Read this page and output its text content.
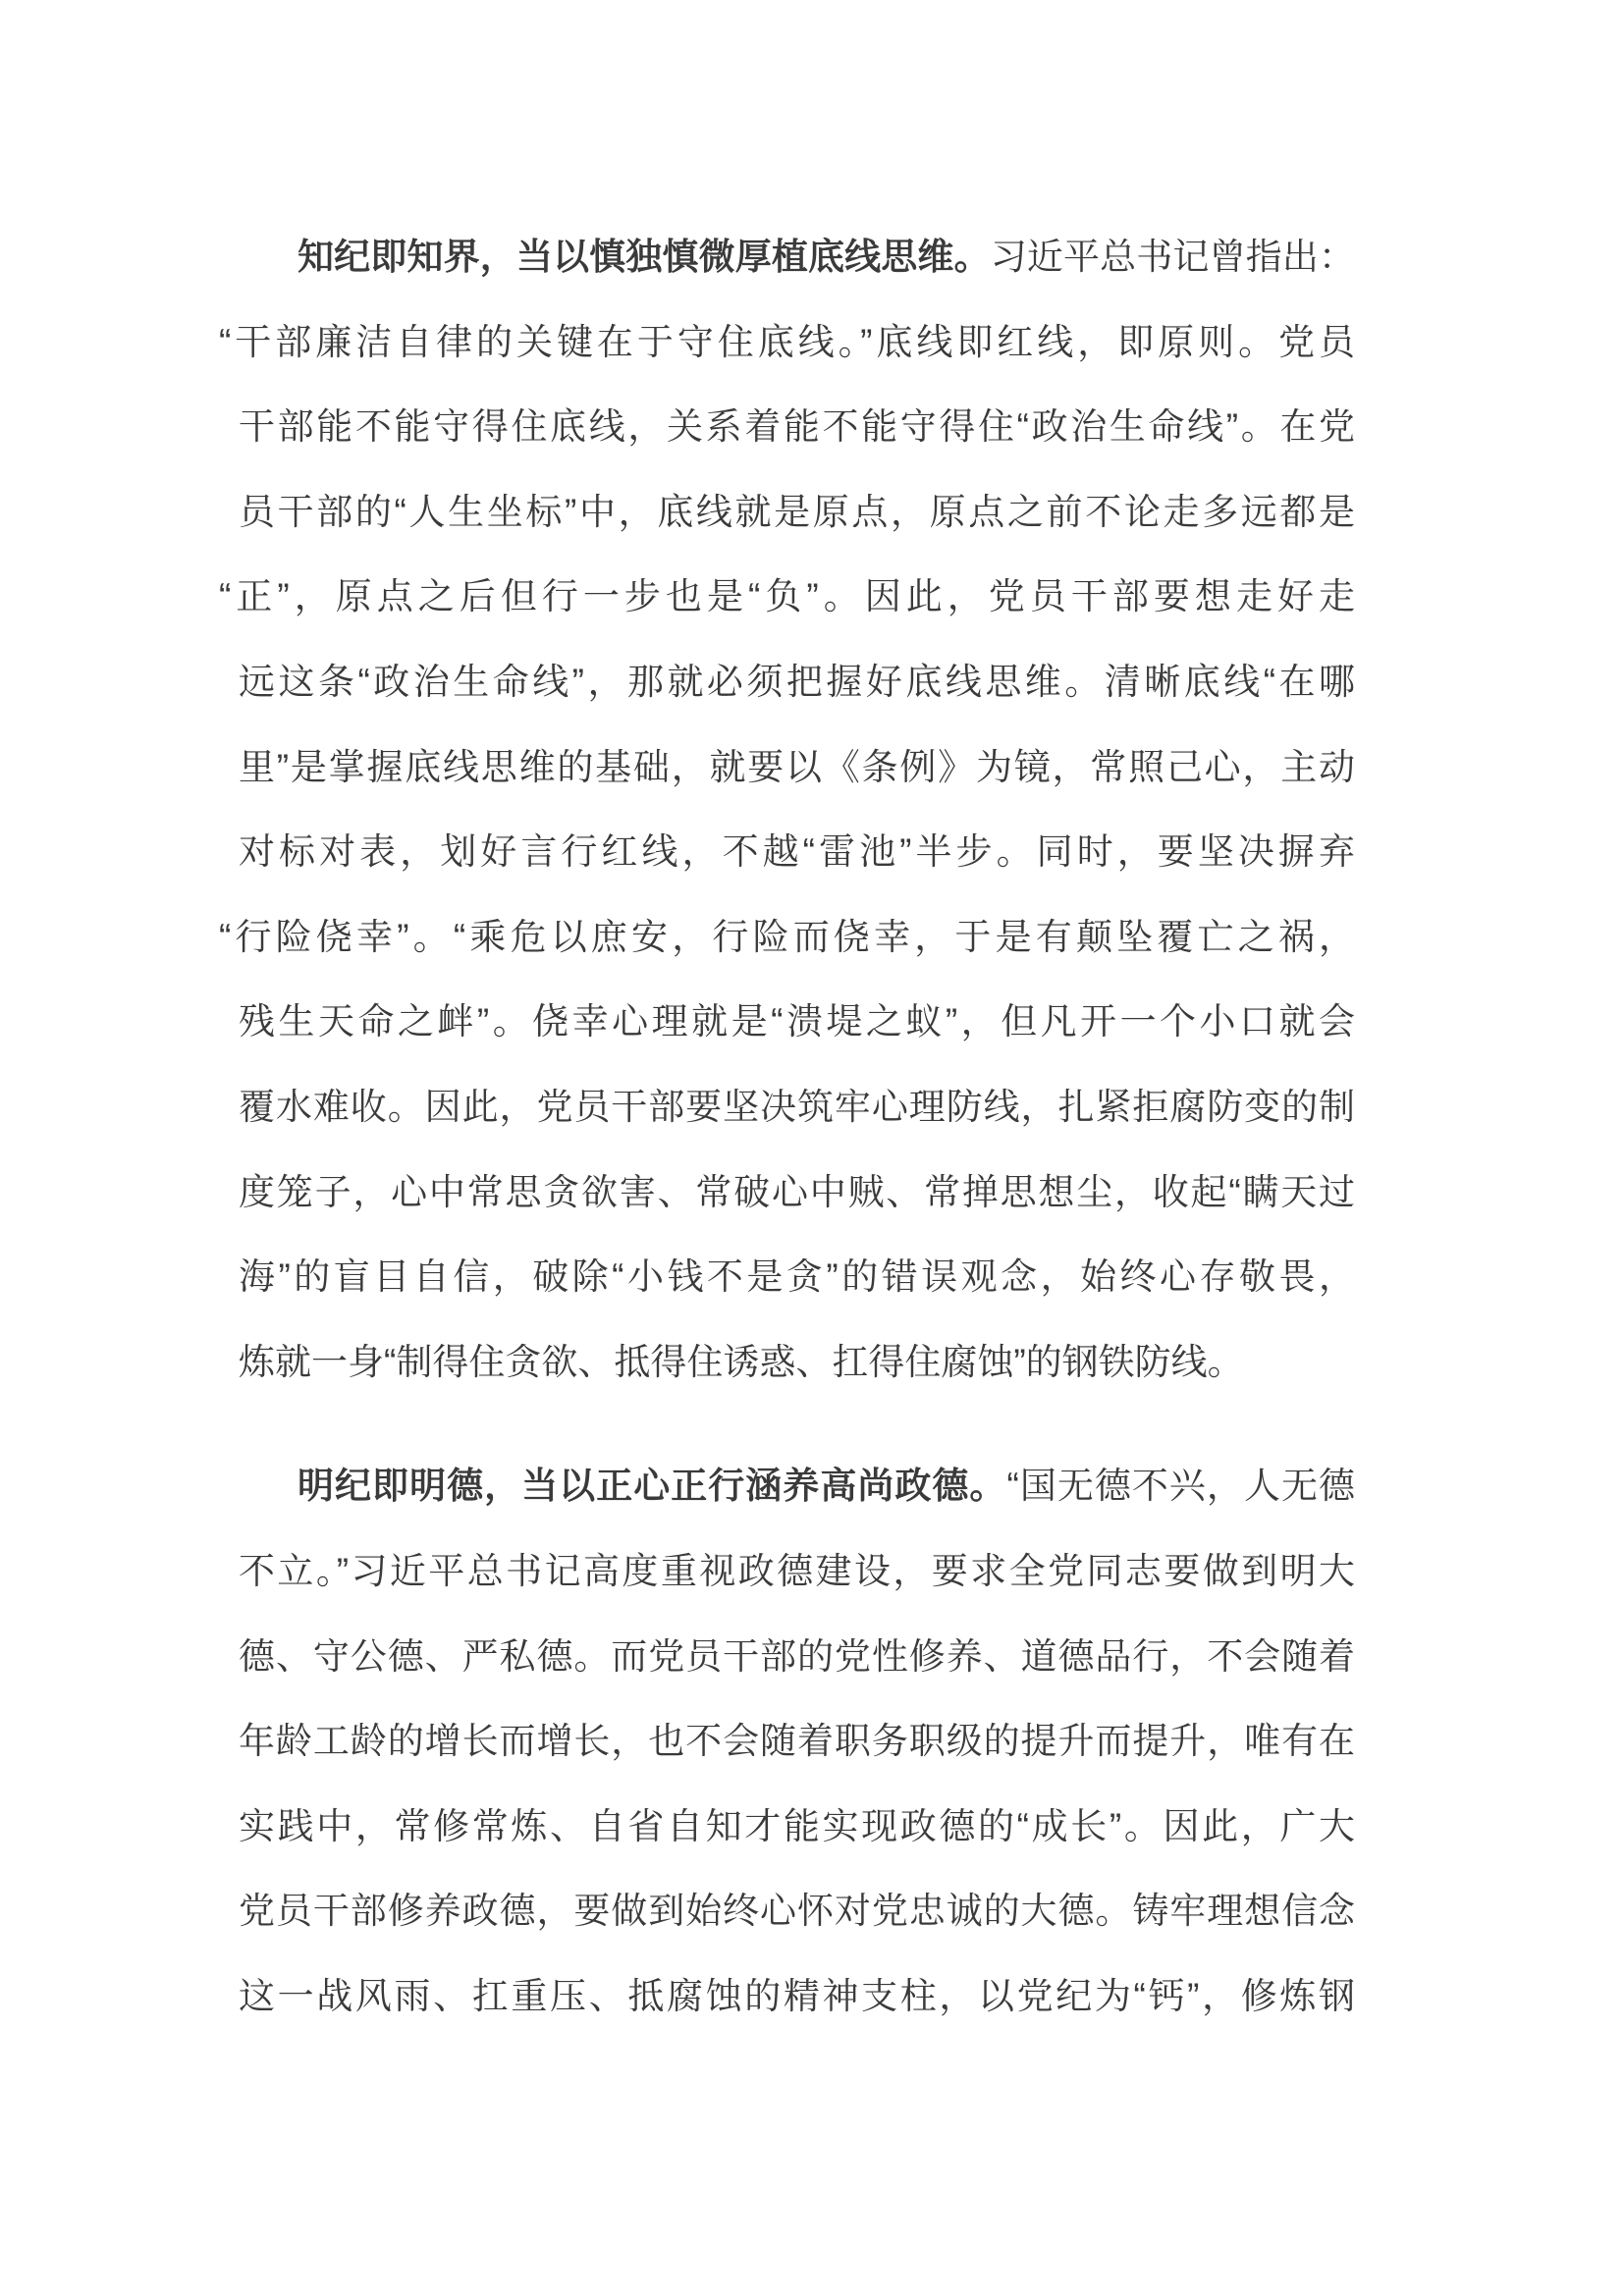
知纪即知界，当以慎独慎微厚植底线思维。习近平总书记曾指出：
“干部廉洁自律的关键在于守住底线。”底线即红线，即原则。党员
干部能不能守得住底线，关系着能不能守得住“政治生命线”。在党
员干部的“人生坐标”中，底线就是原点，原点之前不论走多远都是
“正”，原点之后但行一步也是“负”。因此，党员干部要想走好走
远这条“政治生命线”，那就必须把握好底线思维。清晰底线“在哪
里”是掌握底线思维的基础，就要以《条例》为镜，常照己心，主动
对标对表，划好言行红线，不越“雷池”半步。同时，要坚决摒弃
“行险侥幸”。“乘危以庶安，行险而侥幸，于是有颠坠覆亡之祸，
残生天命之衅”。侥幸心理就是“溃堤之蚁”，但凡开一个小口就会
覆水难收。因此，党员干部要坚决筑牢心理防线，扎紧拒腐防变的制
度笼子，心中常思贪欲害、常破心中贼、常掸思想尘，收起“瞒天过
海”的盲目自信，破除“小钱不是贪”的错误观念，始终心存敬畏，
炼就一身“制得住贪欲、抵得住诱惑、扛得住腐蚀”的钢铁防线。
明纪即明德，当以正心正行涵养高尚政德。“国无德不兴，人无德
不立。”习近平总书记高度重视政德建设，要求全党同志要做到明大
德、守公德、严私德。而党员干部的党性修养、道德品行，不会随着
年龄工龄的增长而增长，也不会随着职务职级的提升而提升，唯有在
实践中，常修常炼、自省自知才能实现政德的“成长”。因此，广大
党员干部修养政德，要做到始终心怀对党忠诚的大德。铸牢理想信念
这一战风雨、扛重压、抵腐蚀的精神支柱，以党纪为“钙”，修炼钢
